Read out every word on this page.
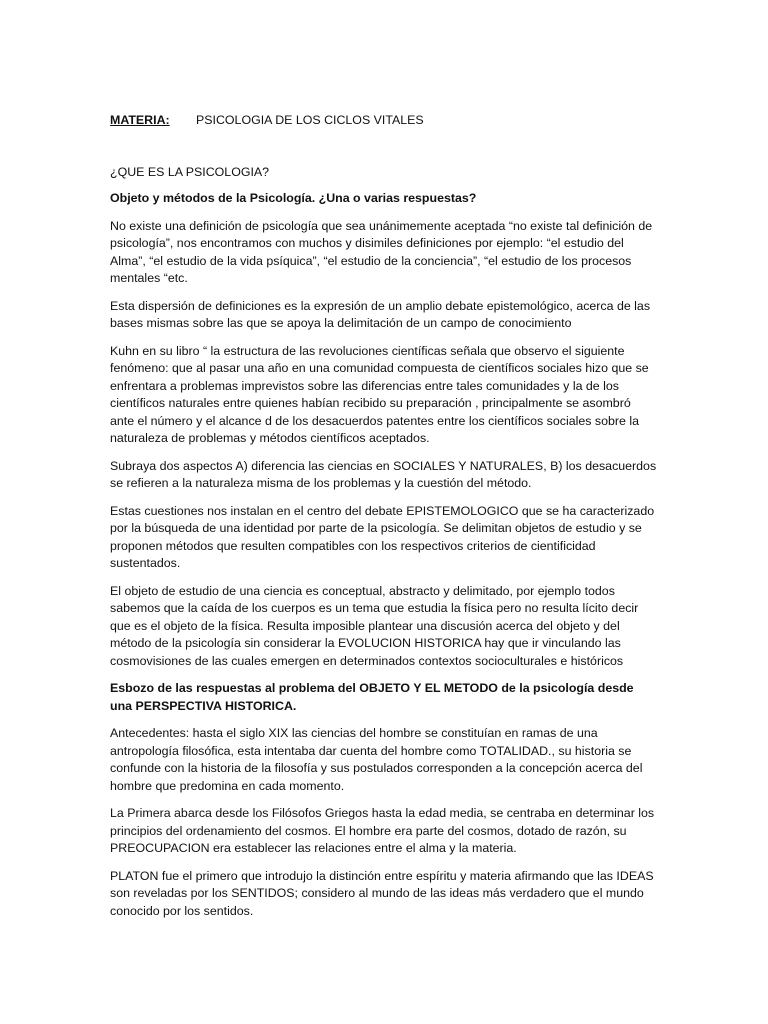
MATERIA: PSICOLOGIA DE LOS CICLOS VITALES
¿QUE ES LA PSICOLOGIA?

Objeto y métodos de la Psicología. ¿Una o varias respuestas?

No existe una definición de psicología que sea unánimemente aceptada “no existe tal definición de psicología”, nos encontramos con muchos y disimiles definiciones por ejemplo: “el estudio del Alma”, “el estudio de la vida psíquica”, “el estudio de la conciencia”, “el estudio de los procesos mentales “etc.

Esta dispersión de definiciones es la expresión de un amplio debate epistemológico, acerca de las bases mismas sobre las que se apoya la delimitación de un campo de conocimiento

Kuhn en su libro “ la estructura de las revoluciones científicas señala que observo el siguiente fenómeno: que al pasar una año en una comunidad compuesta de científicos sociales hizo que se enfrentara a problemas imprevistos sobre las diferencias entre tales comunidades y la de los científicos naturales entre quienes habían recibido su preparación , principalmente se asombró ante el número y el alcance d de los desacuerdos patentes entre los científicos sociales sobre la naturaleza de problemas y métodos científicos aceptados.

Subraya dos aspectos A) diferencia las ciencias en SOCIALES Y NATURALES, B) los desacuerdos se refieren a la naturaleza misma de los problemas y la cuestión del método.

Estas cuestiones nos instalan en el centro del debate EPISTEMOLOGICO que se ha caracterizado por la búsqueda de una identidad por parte de la psicología. Se delimitan objetos de estudio y se proponen métodos que resulten compatibles con los respectivos criterios de cientificidad sustentados.

El objeto de estudio de una ciencia es conceptual, abstracto y delimitado, por ejemplo todos sabemos que la caída de los cuerpos es un tema que estudia la física pero no resulta lícito decir que es el objeto de la física. Resulta imposible plantear una discusión acerca del objeto y del método de la psicología sin considerar la EVOLUCION HISTORICA hay que ir vinculando las cosmovisiones de las cuales emergen en determinados contextos socioculturales e históricos

Esbozo de las respuestas al problema del OBJETO Y EL METODO de la psicología desde una PERSPECTIVA HISTORICA.

Antecedentes: hasta el siglo XIX las ciencias del hombre se constituían en ramas de una antropología filosófica, esta intentaba dar cuenta del hombre como TOTALIDAD., su historia se confunde con la historia de la filosofía y sus postulados corresponden a la concepción acerca del hombre que predomina en cada momento.

La Primera abarca desde los Filósofos Griegos hasta la edad media, se centraba en determinar los principios del ordenamiento del cosmos. El hombre era parte del cosmos, dotado de razón, su PREOCUPACION era establecer las relaciones entre el alma y la materia.

PLATON fue el primero que introdujo la distinción entre espíritu y materia afirmando que las IDEAS son reveladas por los SENTIDOS; considero al mundo de las ideas más verdadero que el mundo conocido por los sentidos.
